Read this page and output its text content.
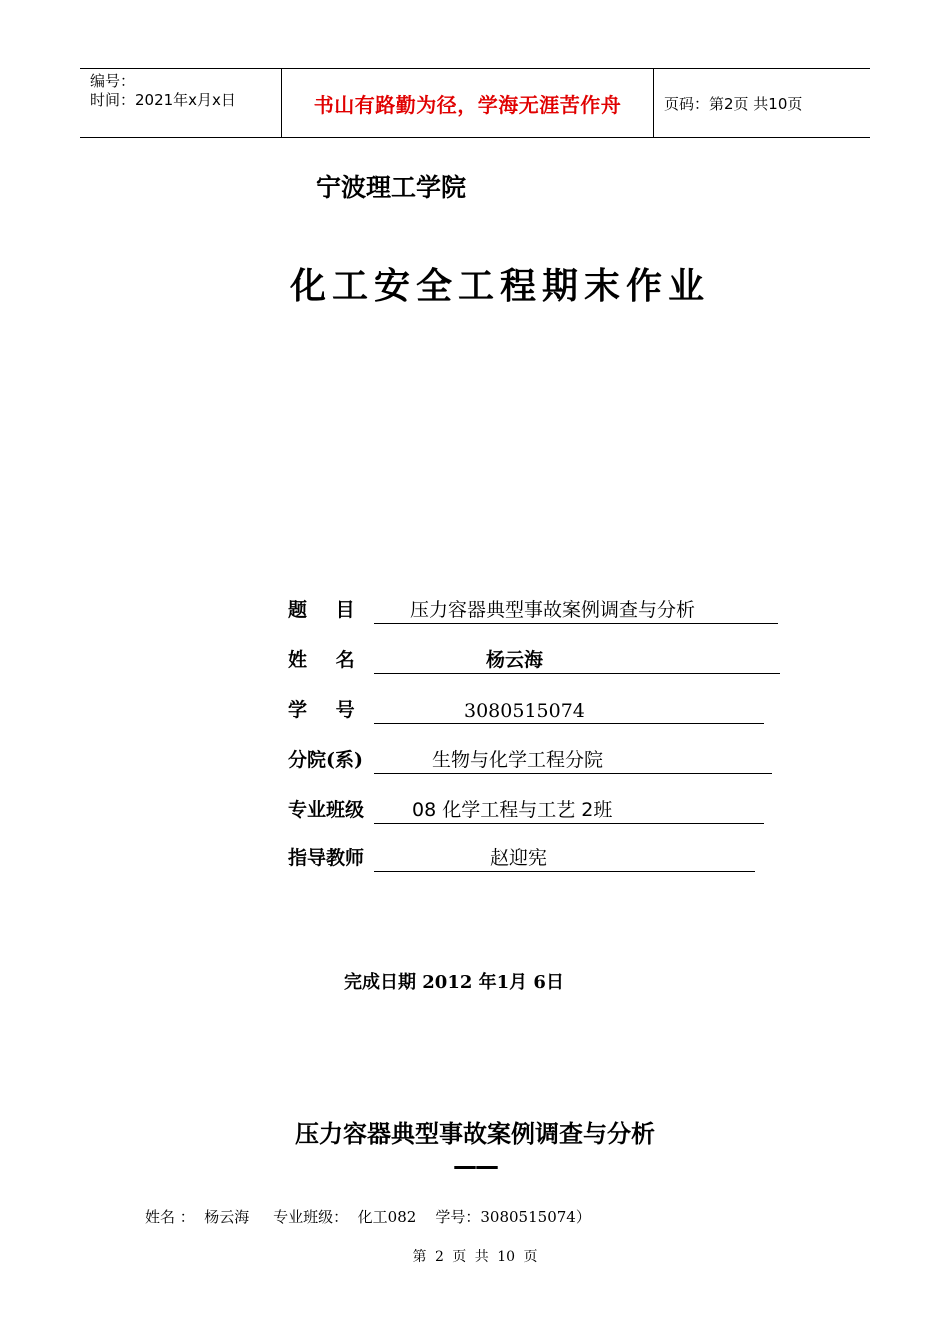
编号：
时间：2021年x月x日	书山有路勤为径，学海无涯苦作舟	页码：第2页 共10页
宁波理工学院
化工安全工程期末作业
题 目	压力容器典型事故案例调查与分析
姓 名	杨云海
学 号	3080515074
分院(系)	生物与化学工程分院
专业班级	08 化学工程与工艺 2班
指导教师	赵迎宪
完成日期 2012 年1月 6日
压力容器典型事故案例调查与分析
——
姓名 ：  杨云海     专业班级：  化工082    学号：3080515074）
第 2 页 共 10 页
